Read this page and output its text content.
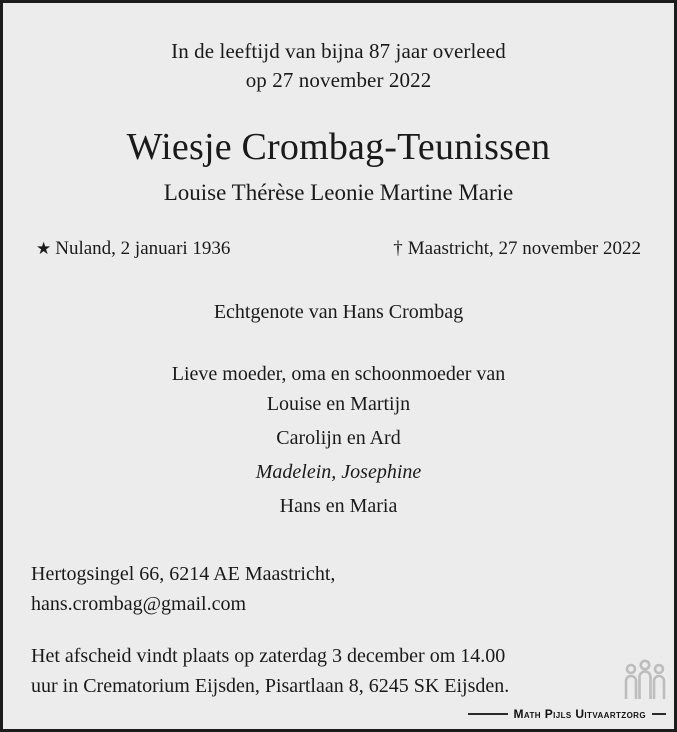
In de leeftijd van bijna 87 jaar overleed
op 27 november 2022
Wiesje Crombag-Teunissen
Louise Thérèse Leonie Martine Marie
★ Nuland, 2 januari 1936	† Maastricht, 27 november 2022
Echtgenote van Hans Crombag
Lieve moeder, oma en schoonmoeder van
Louise en Martijn
Carolijn en Ard
Madelein, Josephine
Hans en Maria
Hertogsingel 66, 6214 AE Maastricht,
hans.crombag@gmail.com
Het afscheid vindt plaats op zaterdag 3 december om 14.00
uur in Crematorium Eijsden, Pisartlaan 8, 6245 SK Eijsden.
Math Pijls Uitvaartzorg
